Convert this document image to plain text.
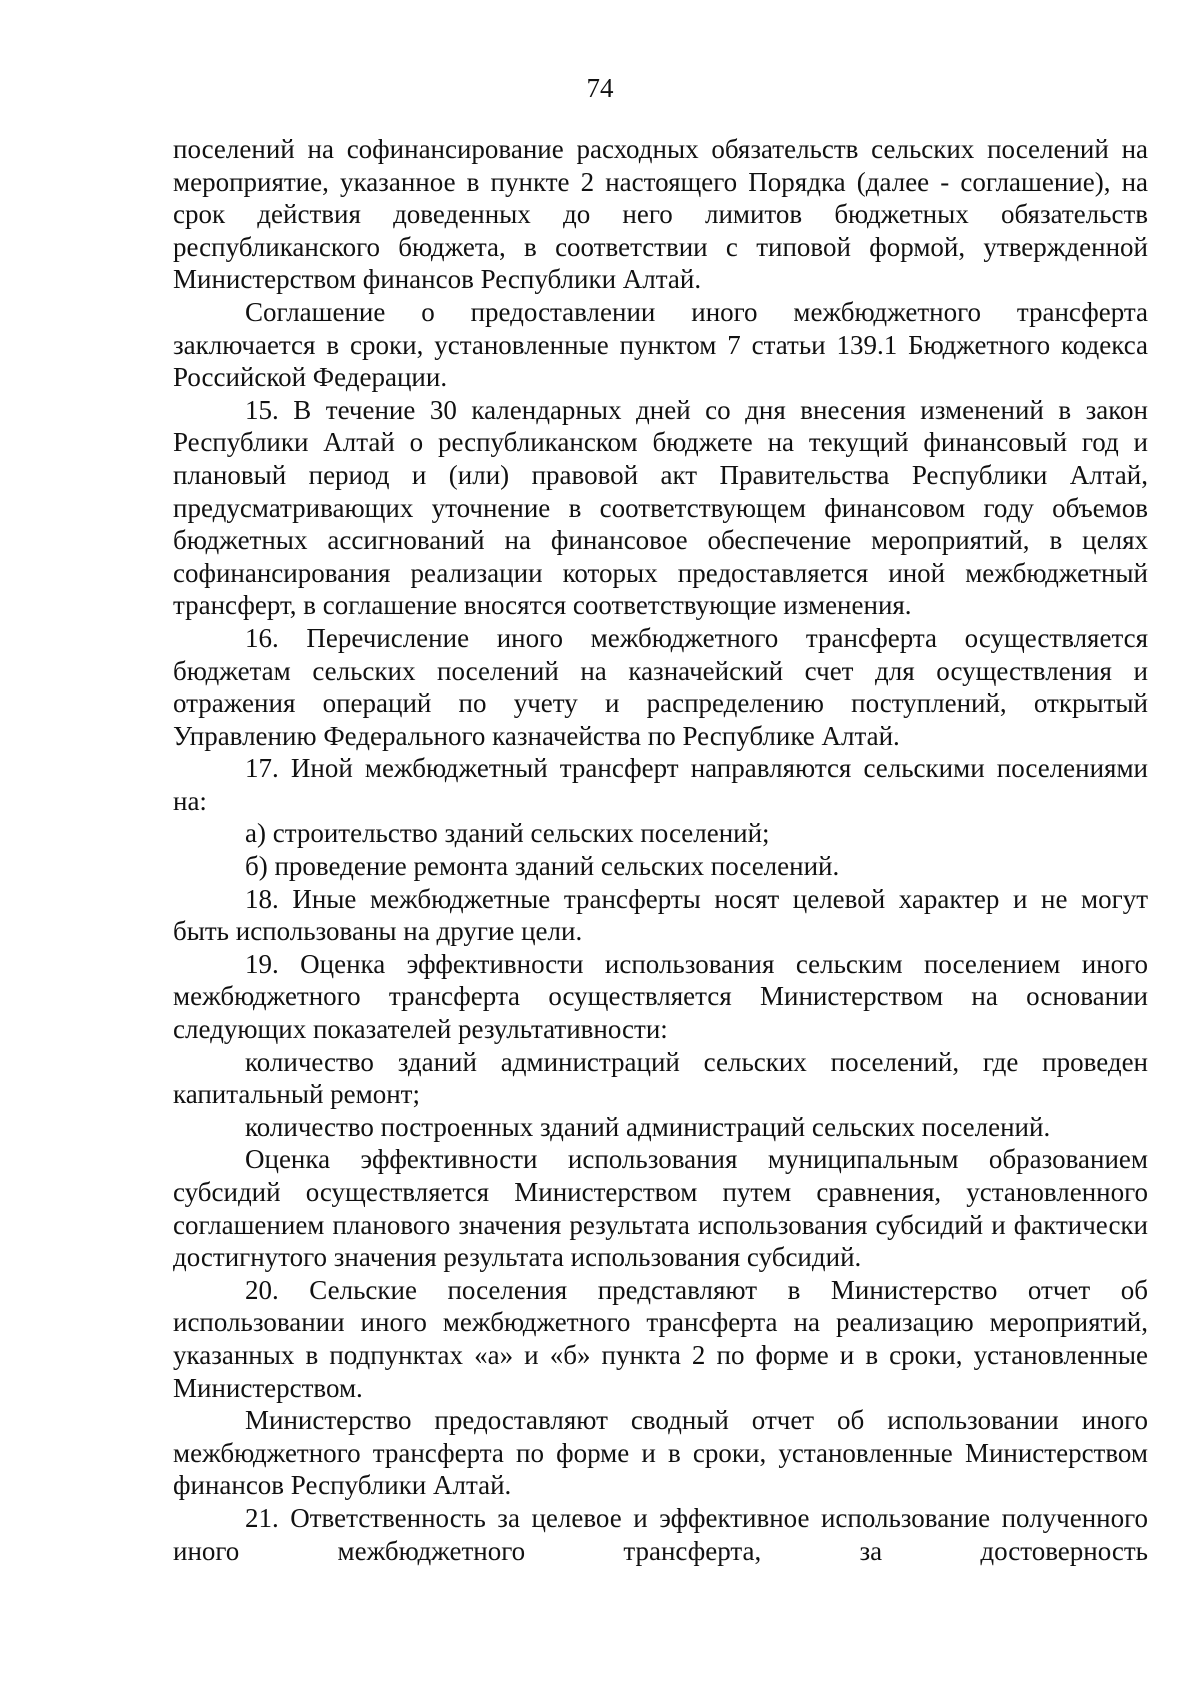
74

поселений на софинансирование расходных обязательств сельских поселений на мероприятие, указанное в пункте 2 настоящего Порядка (далее - соглашение), на срок действия доведенных до него лимитов бюджетных обязательств республиканского бюджета, в соответствии с типовой формой, утвержденной Министерством финансов Республики Алтай.

Соглашение о предоставлении иного межбюджетного трансферта заключается в сроки, установленные пунктом 7 статьи 139.1 Бюджетного кодекса Российской Федерации.

15. В течение 30 календарных дней со дня внесения изменений в закон Республики Алтай о республиканском бюджете на текущий финансовый год и плановый период и (или) правовой акт Правительства Республики Алтай, предусматривающих уточнение в соответствующем финансовом году объемов бюджетных ассигнований на финансовое обеспечение мероприятий, в целях софинансирования реализации которых предоставляется иной межбюджетный трансферт, в соглашение вносятся соответствующие изменения.

16. Перечисление иного межбюджетного трансферта осуществляется бюджетам сельских поселений на казначейский счет для осуществления и отражения операций по учету и распределению поступлений, открытый Управлению Федерального казначейства по Республике Алтай.

17. Иной межбюджетный трансферт направляются сельскими поселениями на:

а) строительство зданий сельских поселений;

б) проведение ремонта зданий сельских поселений.

18. Иные межбюджетные трансферты носят целевой характер и не могут быть использованы на другие цели.

19. Оценка эффективности использования сельским поселением иного межбюджетного трансферта осуществляется Министерством на основании следующих показателей результативности:

количество зданий администраций сельских поселений, где проведен капитальный ремонт;

количество построенных зданий администраций сельских поселений.

Оценка эффективности использования муниципальным образованием субсидий осуществляется Министерством путем сравнения, установленного соглашением планового значения результата использования субсидий и фактически достигнутого значения результата использования субсидий.

20. Сельские поселения представляют в Министерство отчет об использовании иного межбюджетного трансферта на реализацию мероприятий, указанных в подпунктах «а» и «б» пункта 2 по форме и в сроки, установленные Министерством.

Министерство предоставляют сводный отчет об использовании иного межбюджетного трансферта по форме и в сроки, установленные Министерством финансов Республики Алтай.

21. Ответственность за целевое и эффективное использование полученного иного межбюджетного трансферта, за достоверность
